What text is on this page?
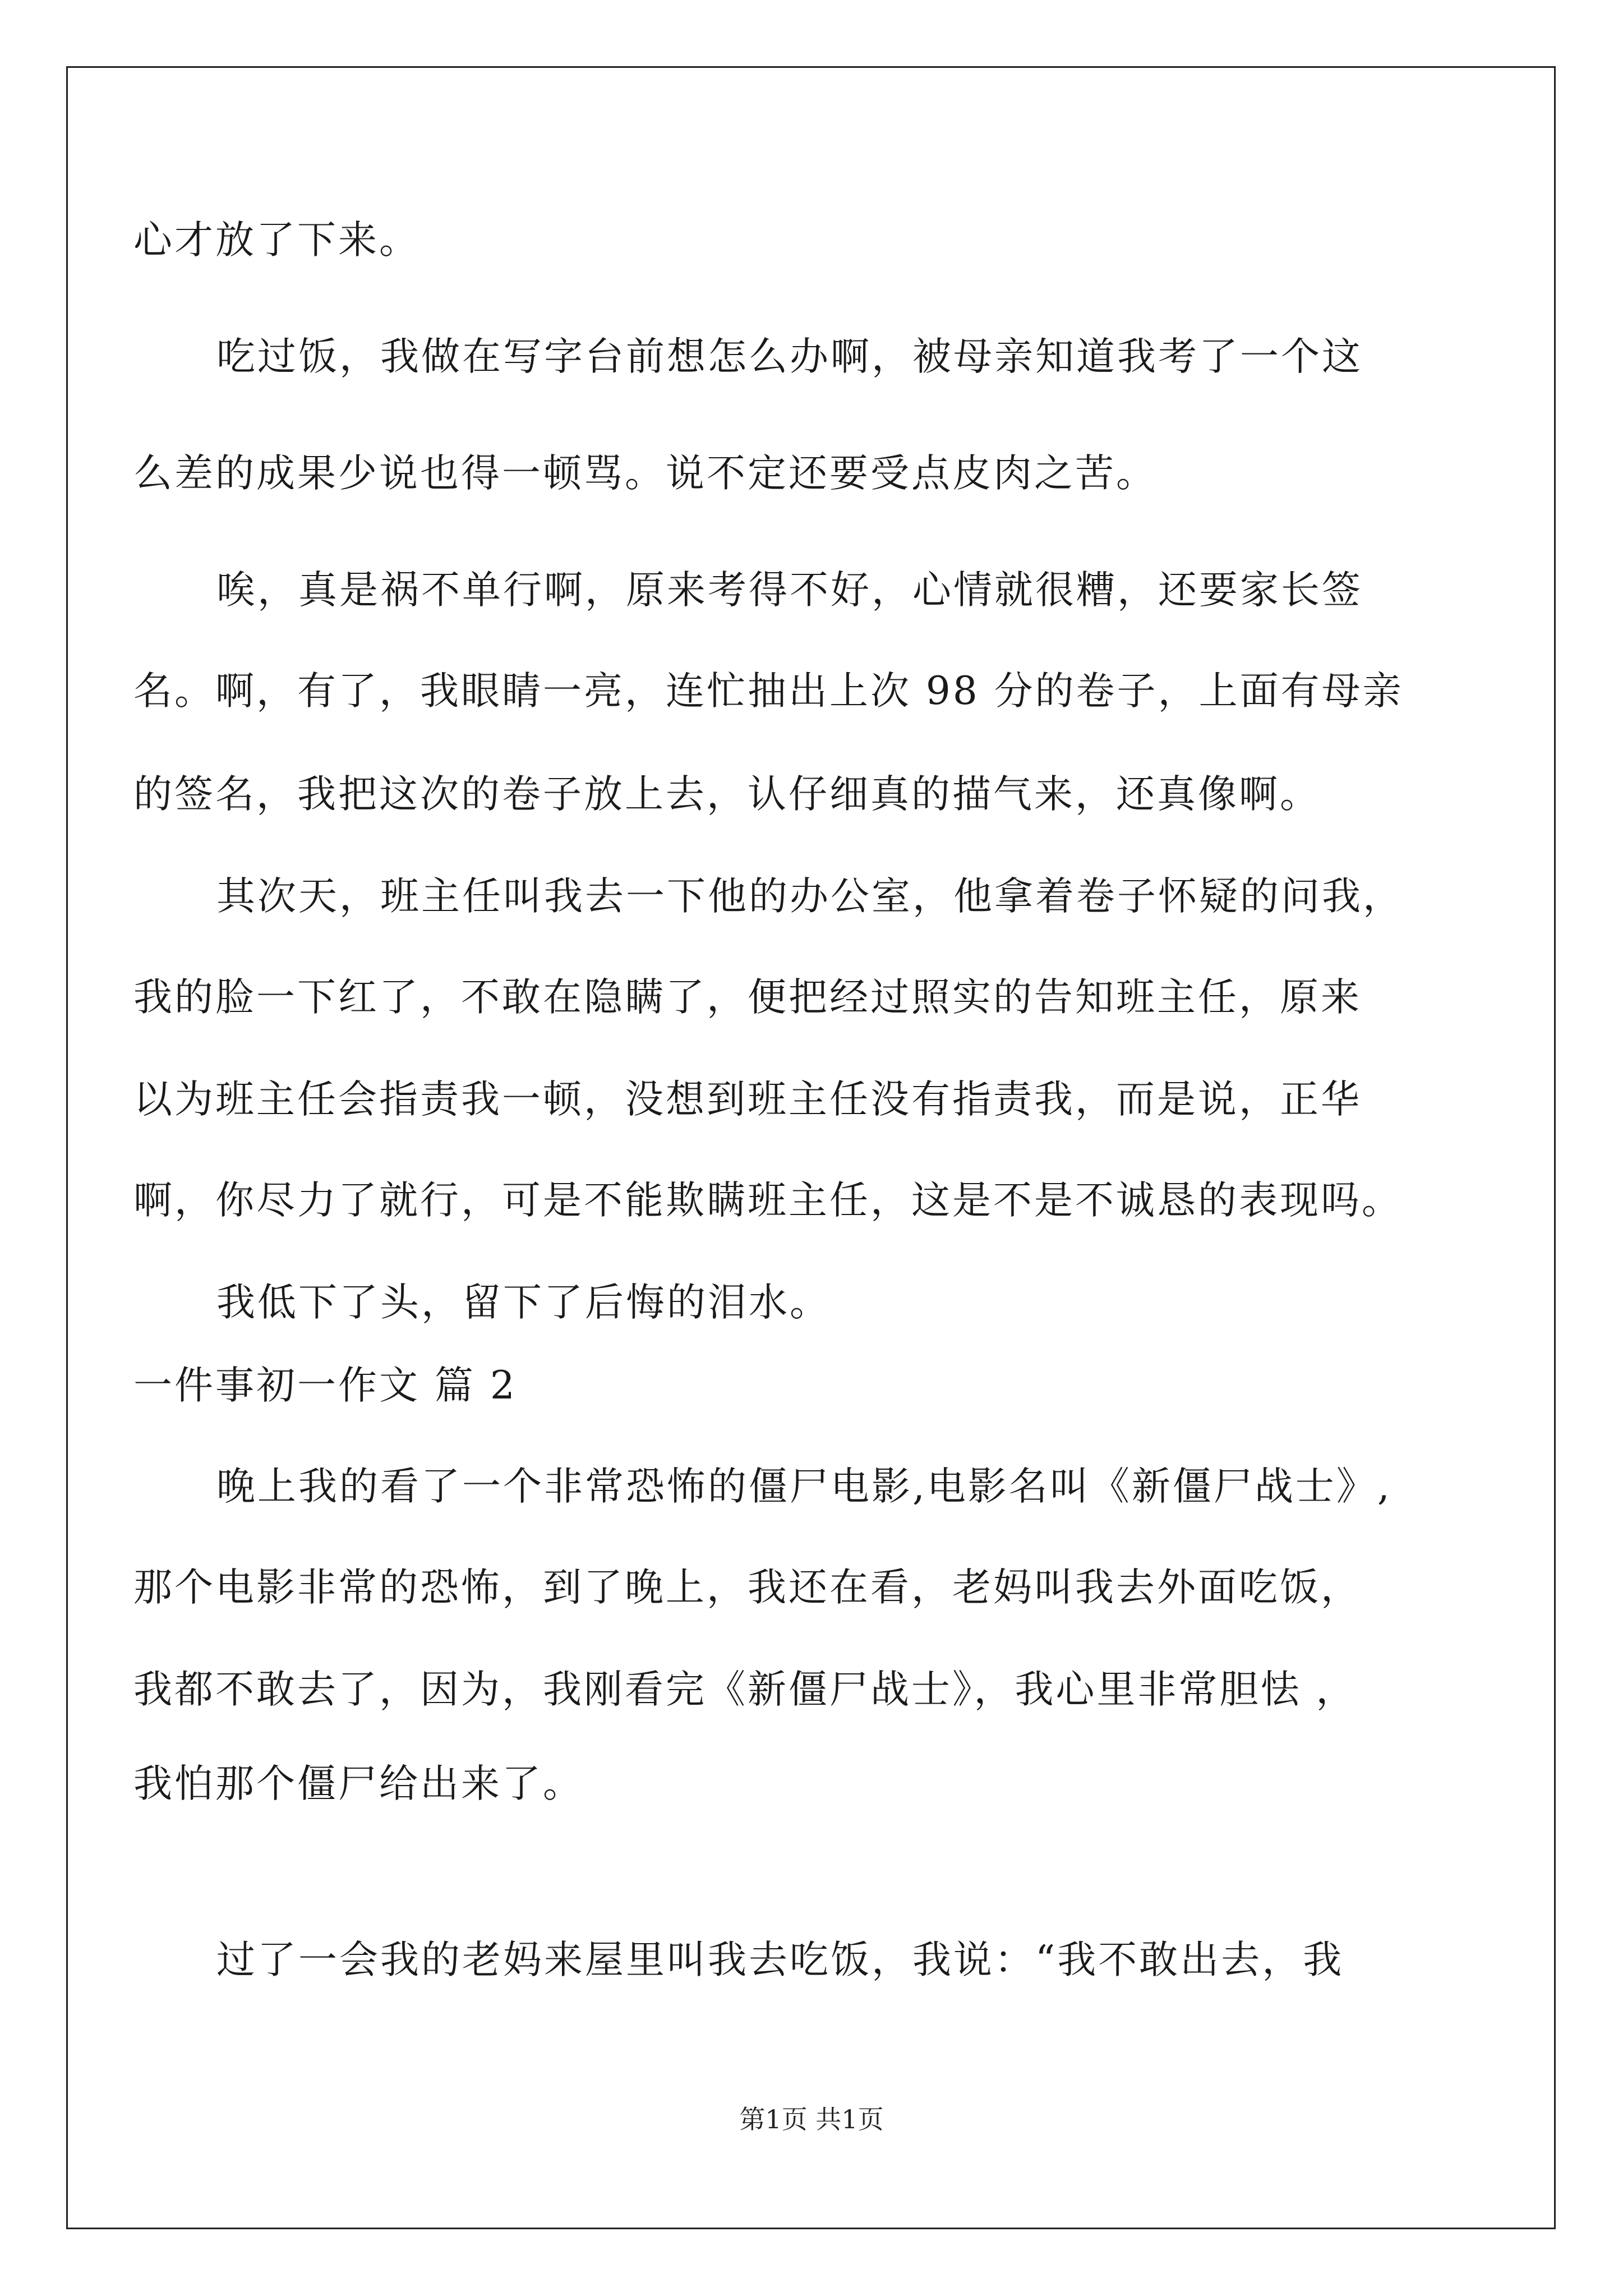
心才放了下来。
吃过饭，我做在写字台前想怎么办啊，被母亲知道我考了一个这
么差的成果少说也得一顿骂。说不定还要受点皮肉之苦。
唉，真是祸不单行啊，原来考得不好，心情就很糟，还要家长签
名。啊，有了，我眼睛一亮，连忙抽出上次 98 分的卷子，上面有母亲
的签名，我把这次的卷子放上去，认仔细真的描气来，还真像啊。
其次天，班主任叫我去一下他的办公室，他拿着卷子怀疑的问我，
我的脸一下红了，不敢在隐瞒了，便把经过照实的告知班主任，原来
以为班主任会指责我一顿，没想到班主任没有指责我，而是说，正华
啊，你尽力了就行，可是不能欺瞒班主任，这是不是不诚恳的表现吗。
我低下了头，留下了后悔的泪水。
一件事初一作文 篇 2
晚上我的看了一个非常恐怖的僵尸电影,电影名叫《新僵尸战士》,
那个电影非常的恐怖，到了晚上，我还在看，老妈叫我去外面吃饭，
我都不敢去了，因为，我刚看完《新僵尸战士》，我心里非常胆怯 ，
我怕那个僵尸给出来了。
过了一会我的老妈来屋里叫我去吃饭，我说：“我不敢出去，我
第1页 共1页
